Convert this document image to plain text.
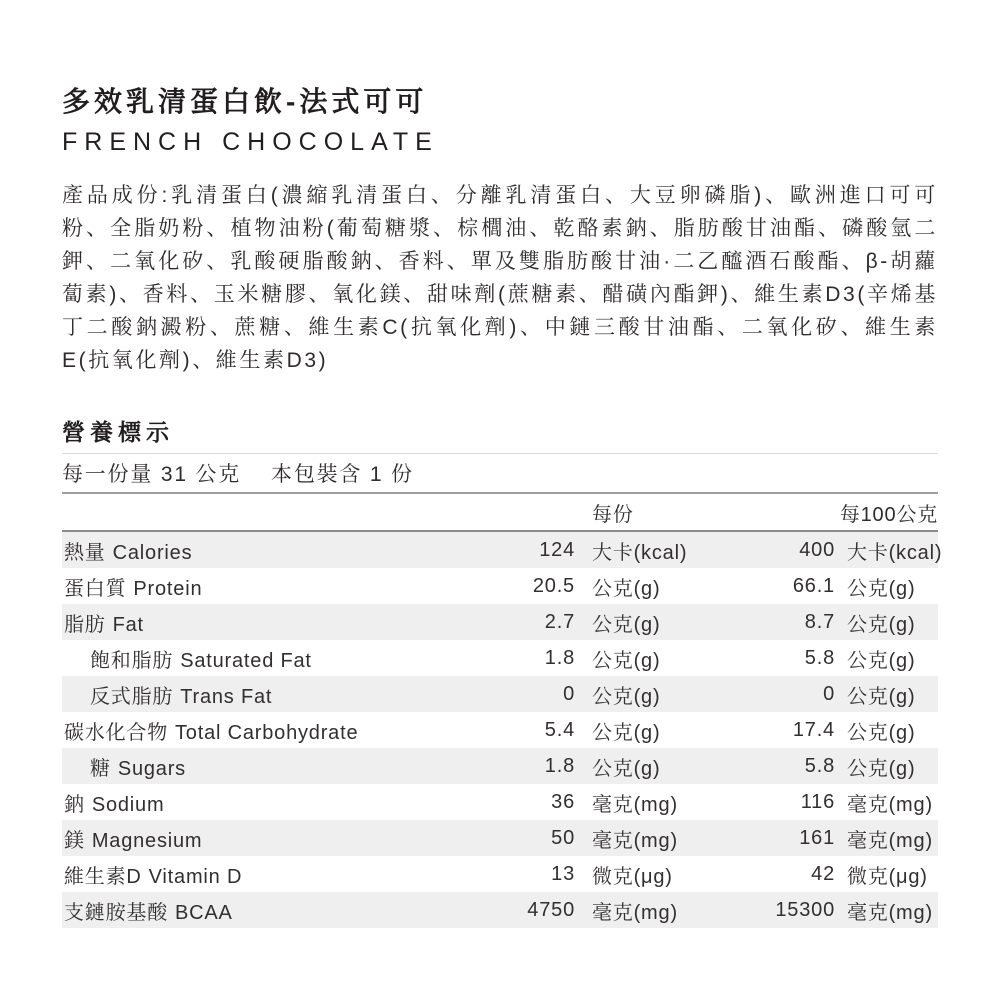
多效乳清蛋白飲-法式可可
FRENCH CHOCOLATE
產品成份:乳清蛋白(濃縮乳清蛋白、分離乳清蛋白、大豆卵磷脂)、歐洲進口可可粉、全脂奶粉、植物油粉(葡萄糖漿、棕櫚油、乾酪素鈉、脂肪酸甘油酯、磷酸氫二鉀、二氧化矽、乳酸硬脂酸鈉、香料、單及雙脂肪酸甘油·二乙醯酒石酸酯、β-胡蘿蔔素)、香料、玉米糖膠、氧化鎂、甜味劑(蔗糖素、醋磺內酯鉀)、維生素D3(辛烯基丁二酸鈉澱粉、蔗糖、維生素C(抗氧化劑)、中鏈三酸甘油酯、二氧化矽、維生素E(抗氧化劑)、維生素D3)
營養標示
每一份量 31 公克 本包裝含 1 份
每份	每100公克
熱量 Calories	124 大卡(kcal)	400 大卡(kcal)
蛋白質 Protein	20.5 公克(g)	66.1 公克(g)
脂肪 Fat	2.7 公克(g)	8.7 公克(g)
飽和脂肪 Saturated Fat	1.8 公克(g)	5.8 公克(g)
反式脂肪 Trans Fat	0 公克(g)	0 公克(g)
碳水化合物 Total Carbohydrate	5.4 公克(g)	17.4 公克(g)
糖 Sugars	1.8 公克(g)	5.8 公克(g)
鈉 Sodium	36 毫克(mg)	116 毫克(mg)
鎂 Magnesium	50 毫克(mg)	161 毫克(mg)
維生素D Vitamin D	13 微克(μg)	42 微克(μg)
支鏈胺基酸 BCAA	4750 毫克(mg)	15300 毫克(mg)
